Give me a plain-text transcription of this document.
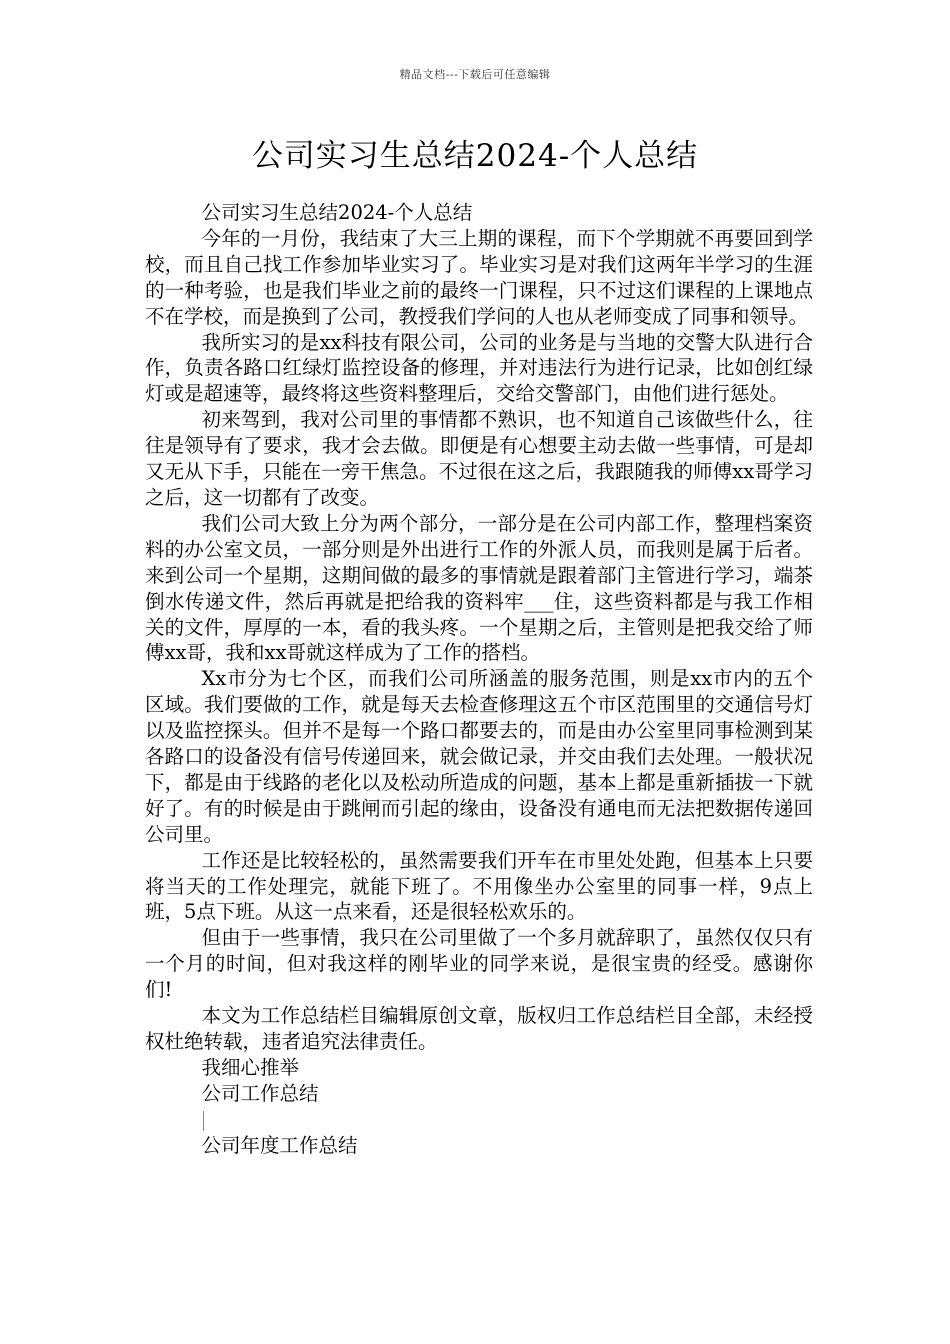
精品文档---下载后可任意编辑
公司实习生总结2024-个人总结

公司实习生总结2024-个人总结

今年的一月份，我结束了大三上期的课程，而下个学期就不再要回到学校，而且自己找工作参加毕业实习了。毕业实习是对我们这两年半学习的生涯的一种考验，也是我们毕业之前的最终一门课程，只不过这们课程的上课地点不在学校，而是换到了公司，教授我们学问的人也从老师变成了同事和领导。

我所实习的是xx科技有限公司，公司的业务是与当地的交警大队进行合作，负责各路口红绿灯监控设备的修理，并对违法行为进行记录，比如创红绿灯或是超速等，最终将这些资料整理后，交给交警部门，由他们进行惩处。

初来驾到，我对公司里的事情都不熟识，也不知道自己该做些什么，往往是领导有了要求，我才会去做。即便是有心想要主动去做一些事情，可是却又无从下手，只能在一旁干焦急。不过很在这之后，我跟随我的师傅xx哥学习之后，这一切都有了改变。

我们公司大致上分为两个部分，一部分是在公司内部工作，整理档案资料的办公室文员，一部分则是外出进行工作的外派人员，而我则是属于后者。来到公司一个星期，这期间做的最多的事情就是跟着部门主管进行学习，端茶倒水传递文件，然后再就是把给我的资料牢___住，这些资料都是与我工作相关的文件，厚厚的一本，看的我头疼。一个星期之后，主管则是把我交给了师傅xx哥，我和xx哥就这样成为了工作的搭档。

Xx市分为七个区，而我们公司所涵盖的服务范围，则是xx市内的五个区域。我们要做的工作，就是每天去检查修理这五个市区范围里的交通信号灯以及监控探头。但并不是每一个路口都要去的，而是由办公室里同事检测到某各路口的设备没有信号传递回来，就会做记录，并交由我们去处理。一般状况下，都是由于线路的老化以及松动所造成的问题，基本上都是重新插拔一下就好了。有的时候是由于跳闸而引起的缘由，设备没有通电而无法把数据传递回公司里。

工作还是比较轻松的，虽然需要我们开车在市里处处跑，但基本上只要将当天的工作处理完，就能下班了。不用像坐办公室里的同事一样，9点上班，5点下班。从这一点来看，还是很轻松欢乐的。

但由于一些事情，我只在公司里做了一个多月就辞职了，虽然仅仅只有一个月的时间，但对我这样的刚毕业的同学来说，是很宝贵的经受。感谢你们!

本文为工作总结栏目编辑原创文章，版权归工作总结栏目全部，未经授权杜绝转载，违者追究法律责任。

我细心推举

公司工作总结

公司年度工作总结
